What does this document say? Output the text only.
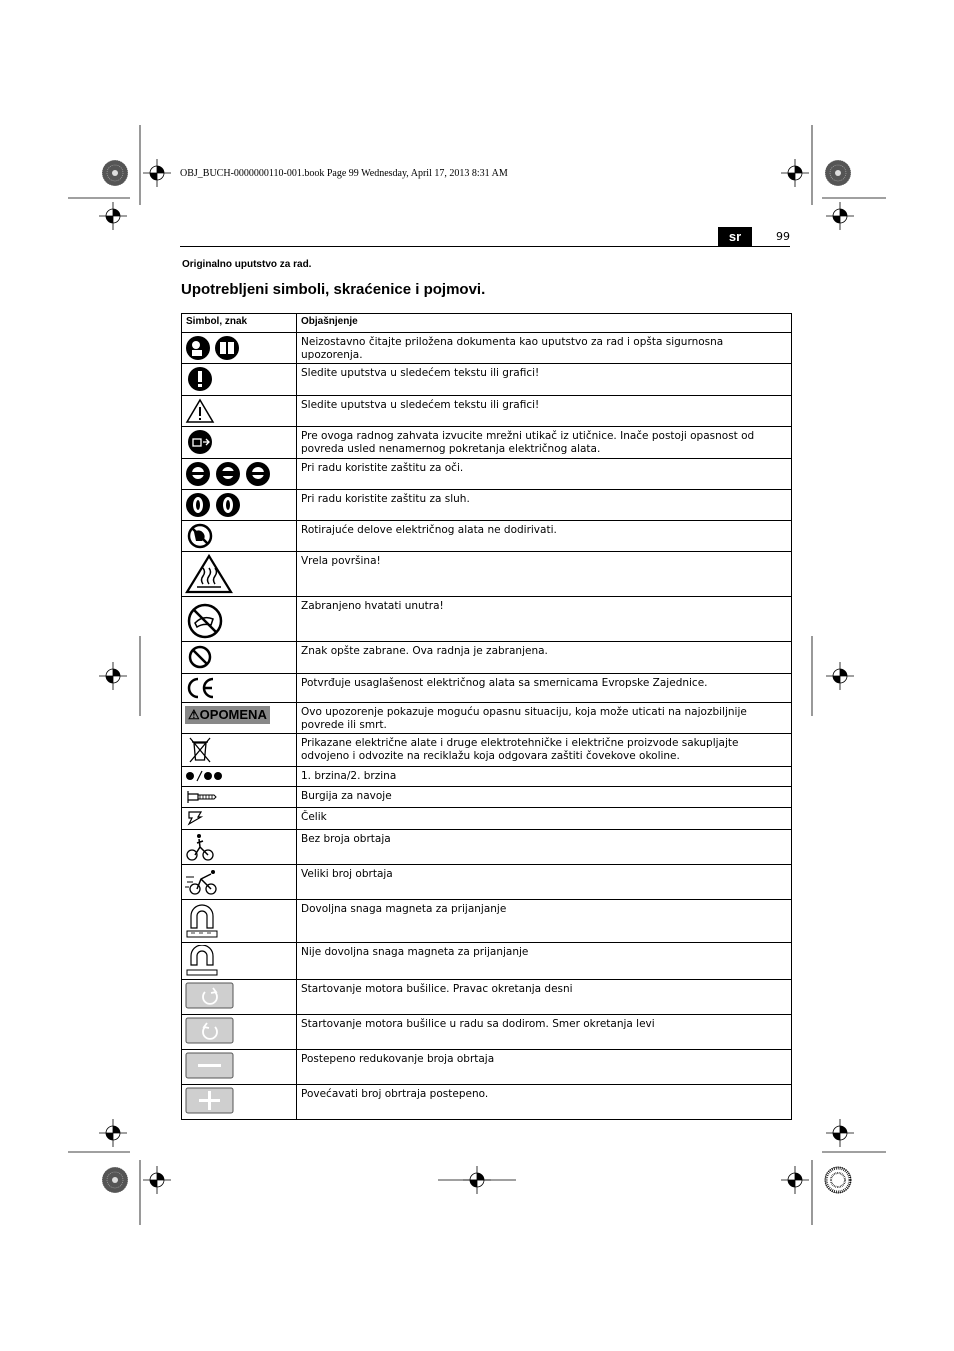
OBJ_BUCH-0000000110-001.book Page 99 Wednesday, April 17, 2013 8:31 AM
sr	99
Originalno uputstvo za rad.
Upotrebljeni simboli, skraćenice i pojmovi.
Simbol, znak	Objašnjenje

	Neizostavno čitajte priložena dokumenta kao uputstvo za rad i opšta sigurnosna upozorenja.

	Sledite uputstva u sledećem tekstu ili grafici!

	Sledite uputstva u sledećem tekstu ili grafici!

	Pre ovoga radnog zahvata izvucite mrežni utikač iz utičnice. Inače postoji opasnost od povreda usled nenamernog pokretanja električnog alata.

	Pri radu koristite zaštitu za oči.

	Pri radu koristite zaštitu za sluh.

	Rotirajuće delove električnog alata ne dodirivati.

	Vrela površina!

	Zabranjeno hvatati unutra!

	Znak opšte zabrane. Ova radnja je zabranjena.

	Potvrđuje usaglašenost električnog alata sa smernicama Evropske Zajednice.
⚠OPOMENA	Ovo upozorenje pokazuje moguću opasnu situaciju, koja može uticati na najozbiljnije povrede ili smrt.

	Prikazane električne alate i druge elektrotehničke i električne proizvode sakupljajte odvojeno i odvozite na reciklažu koja odgovara zaštiti čovekove okoline.

	1. brzina/2. brzina

	Burgija za navoje

	Čelik

	Bez broja obrtaja

	Veliki broj obrtaja

	Dovoljna snaga magneta za prijanjanje

	Nije dovoljna snaga magneta za prijanjanje

	Startovanje motora bušilice. Pravac okretanja desni

	Startovanje motora bušilice u radu sa dodirom. Smer okretanja levi

	Postepeno redukovanje broja obrtaja

	Povećavati broj obrtraja postepeno.
